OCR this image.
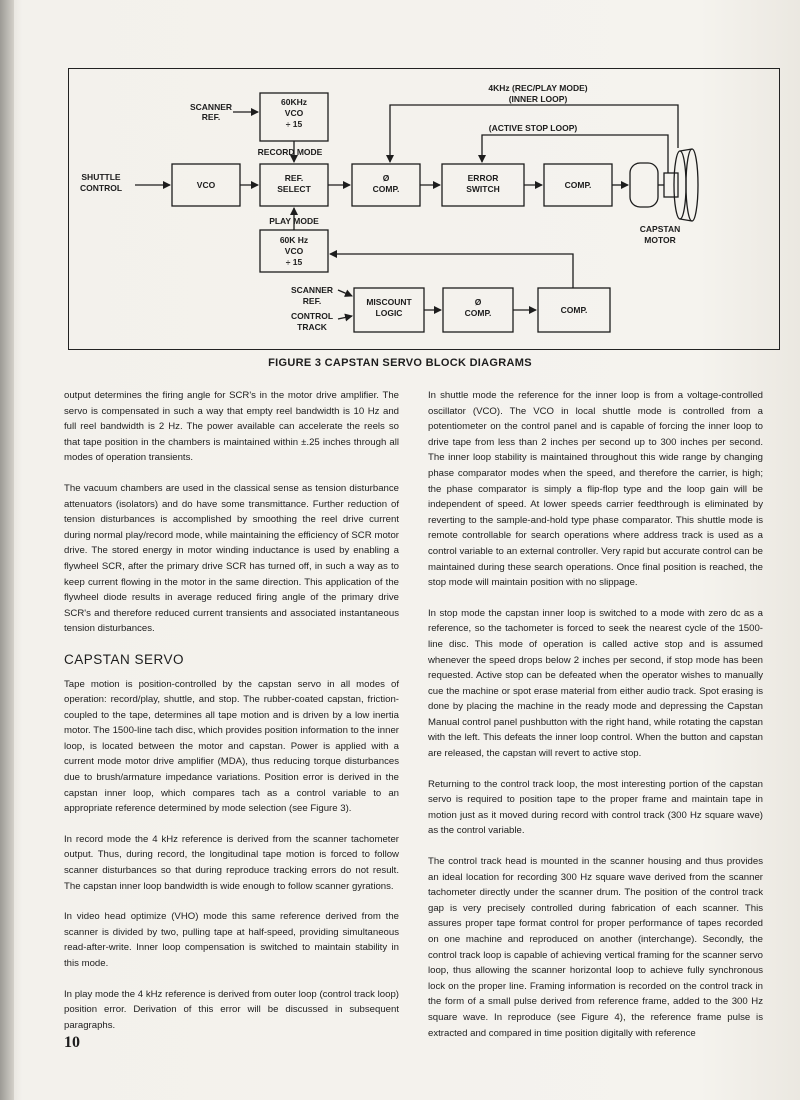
SCANNER
REF.
60KHz
VCO
÷ 15
RECORD MODE
SHUTTLE
CONTROL	VCO
REF.
SELECT
Ø
COMP.
ERROR
SWITCH	COMP.
CAPSTAN
MOTOR
4KHz (REC/PLAY MODE)
(INNER LOOP)
(ACTIVE STOP LOOP)
PLAY MODE
60K Hz
VCO
÷ 15
SCANNER
REF.
CONTROL
TRACK
MISCOUNT
LOGIC
Ø
COMP.	COMP.
FIGURE 3 CAPSTAN SERVO BLOCK DIAGRAMS

output determines the firing angle for SCR's in the motor drive amplifier. The servo is compensated in such a way that empty reel bandwidth is 10 Hz and full reel bandwidth is 2 Hz. The power available can accelerate the reels so that tape position in the chambers is maintained within ±.25 inches through all modes of operation transients.

The vacuum chambers are used in the classical sense as tension disturbance attenuators (isolators) and do have some transmittance. Further reduction of tension disturbances is accomplished by smoothing the reel drive current during normal play/record mode, while maintaining the efficiency of SCR motor drive. The stored energy in motor winding inductance is used by enabling a flywheel SCR, after the primary drive SCR has turned off, in such a way as to keep current flowing in the motor in the same direction. This application of the flywheel diode results in average reduced firing angle of the primary drive SCR's and therefore reduced current transients and associated instantaneous tension disturbances.

CAPSTAN SERVO

Tape motion is position-controlled by the capstan servo in all modes of operation: record/play, shuttle, and stop. The rubber-coated capstan, friction-coupled to the tape, determines all tape motion and is driven by a low inertia motor. The 1500-line tach disc, which provides position information to the inner loop, is located between the motor and capstan. Power is applied with a current mode motor drive amplifier (MDA), thus reducing torque disturbances due to brush/armature impedance variations. Position error is derived in the capstan inner loop, which compares tach as a control variable to an appropriate reference determined by mode selection (see Figure 3).

In record mode the 4 kHz reference is derived from the scanner tachometer output. Thus, during record, the longitudinal tape motion is forced to follow scanner disturbances so that during reproduce tracking errors do not result. The capstan inner loop bandwidth is wide enough to follow scanner gyrations.

In video head optimize (VHO) mode this same reference derived from the scanner is divided by two, pulling tape at half-speed, providing simultaneous read-after-write. Inner loop compensation is switched to maintain stability in this mode.

In play mode the 4 kHz reference is derived from outer loop (control track loop) position error. Derivation of this error will be discussed in subsequent paragraphs.

In shuttle mode the reference for the inner loop is from a voltage-controlled oscillator (VCO). The VCO in local shuttle mode is controlled from a potentiometer on the control panel and is capable of forcing the inner loop to drive tape from less than 2 inches per second up to 300 inches per second. The inner loop stability is maintained throughout this wide range by changing phase comparator modes when the speed, and therefore the carrier, is high; the phase comparator is simply a flip-flop type and the loop gain will be independent of speed. At lower speeds carrier feedthrough is eliminated by reverting to the sample-and-hold type phase comparator. This shuttle mode is remote controllable for search operations where address track is used as a control variable to an external controller. Very rapid but accurate control can be maintained during these search operations. Once final position is reached, the stop mode will maintain position with no slippage.

In stop mode the capstan inner loop is switched to a mode with zero dc as a reference, so the tachometer is forced to seek the nearest cycle of the 1500-line disc. This mode of operation is called active stop and is assumed whenever the speed drops below 2 inches per second, if stop mode has been requested. Active stop can be defeated when the operator wishes to manually cue the machine or spot erase material from either audio track. Spot erasing is done by placing the machine in the ready mode and depressing the Capstan Manual control panel pushbutton with the right hand, while rotating the capstan with the left. This defeats the inner loop control. When the button and capstan are released, the capstan will revert to active stop.

Returning to the control track loop, the most interesting portion of the capstan servo is required to position tape to the proper frame and maintain tape in motion just as it moved during record with control track (300 Hz square wave) as the control variable.

The control track head is mounted in the scanner housing and thus provides an ideal location for recording 300 Hz square wave derived from the scanner tachometer directly under the scanner drum. The position of the control track gap is very precisely controlled during fabrication of each scanner. This assures proper tape format control for proper performance of tapes recorded on one machine and reproduced on another (interchange). Secondly, the control track loop is capable of achieving vertical framing for the scanner servo loop, thus allowing the scanner horizontal loop to achieve fully synchronous lock on the proper line. Framing information is recorded on the control track in the form of a small pulse derived from reference frame, added to the 300 Hz square wave. In reproduce (see Figure 4), the reference frame pulse is extracted and compared in time position digitally with reference

10
